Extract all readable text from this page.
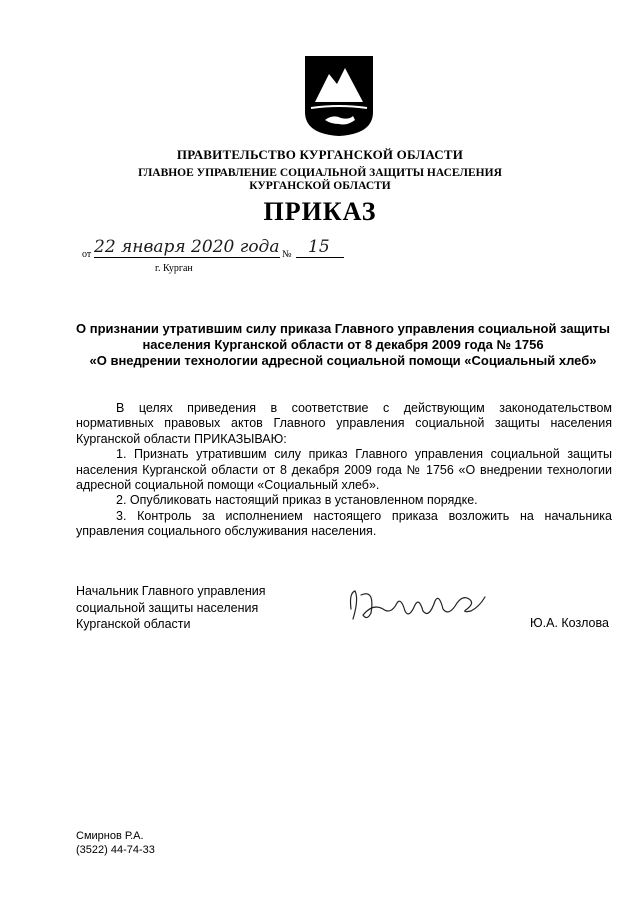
ПРАВИТЕЛЬСТВО КУРГАНСКОЙ ОБЛАСТИ
ГЛАВНОЕ УПРАВЛЕНИЕ СОЦИАЛЬНОЙ ЗАЩИТЫ НАСЕЛЕНИЯ
КУРГАНСКОЙ ОБЛАСТИ
ПРИКАЗ
от 22 января 2020 года № 15
г. Курган
О признании утратившим силу приказа Главного управления социальной защиты
населения Курганской области от 8 декабря 2009 года № 1756
«О внедрении технологии адресной социальной помощи «Социальный хлеб»

В целях приведения в соответствие с действующим законодательством нормативных правовых актов Главного управления социальной защиты населения Курганской области ПРИКАЗЫВАЮ:

1. Признать утратившим силу приказ Главного управления социальной защиты населения Курганской области от 8 декабря 2009 года № 1756 «О внедрении технологии адресной социальной помощи «Социальный хлеб».

2. Опубликовать настоящий приказ в установленном порядке.

3. Контроль за исполнением настоящего приказа возложить на начальника управления социального обслуживания населения.

Начальник Главного управления
социальной защиты населения
Курганской области	Ю.А. Козлова
Смирнов Р.А.
(3522) 44-74-33
